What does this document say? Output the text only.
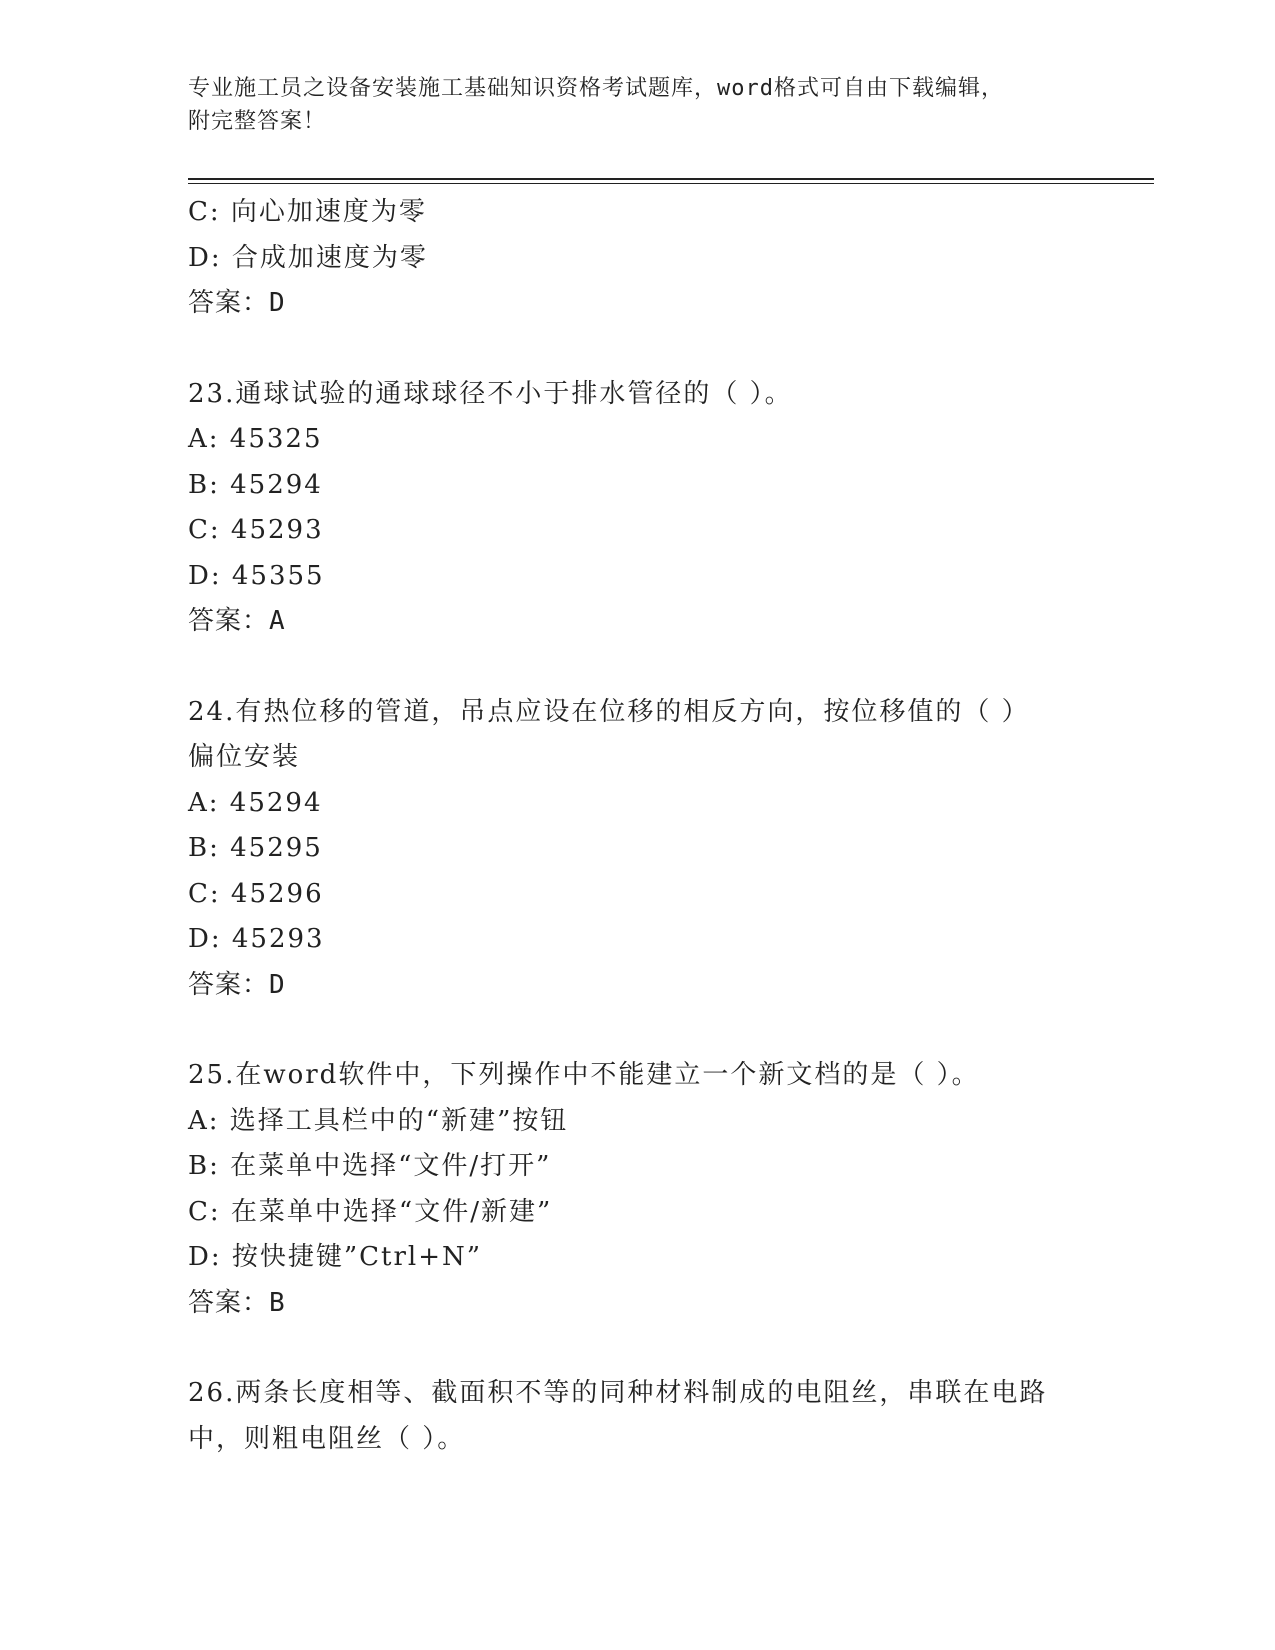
专业施工员之设备安装施工基础知识资格考试题库，word格式可自由下载编辑，
附完整答案！
C: 向心加速度为零
D: 合成加速度为零
答案：D
23.通球试验的通球球径不小于排水管径的（ ）。
A: 45325
B: 45294
C: 45293
D: 45355
答案：A
24.有热位移的管道，吊点应设在位移的相反方向，按位移值的（ ）
偏位安装
A: 45294
B: 45295
C: 45296
D: 45293
答案：D
25.在word软件中，下列操作中不能建立一个新文档的是（ ）。
A: 选择工具栏中的“新建”按钮
B: 在菜单中选择“文件/打开”
C: 在菜单中选择“文件/新建”
D: 按快捷键”Ctrl+N”
答案：B
26.两条长度相等、截面积不等的同种材料制成的电阻丝，串联在电路
中，则粗电阻丝（ ）。
